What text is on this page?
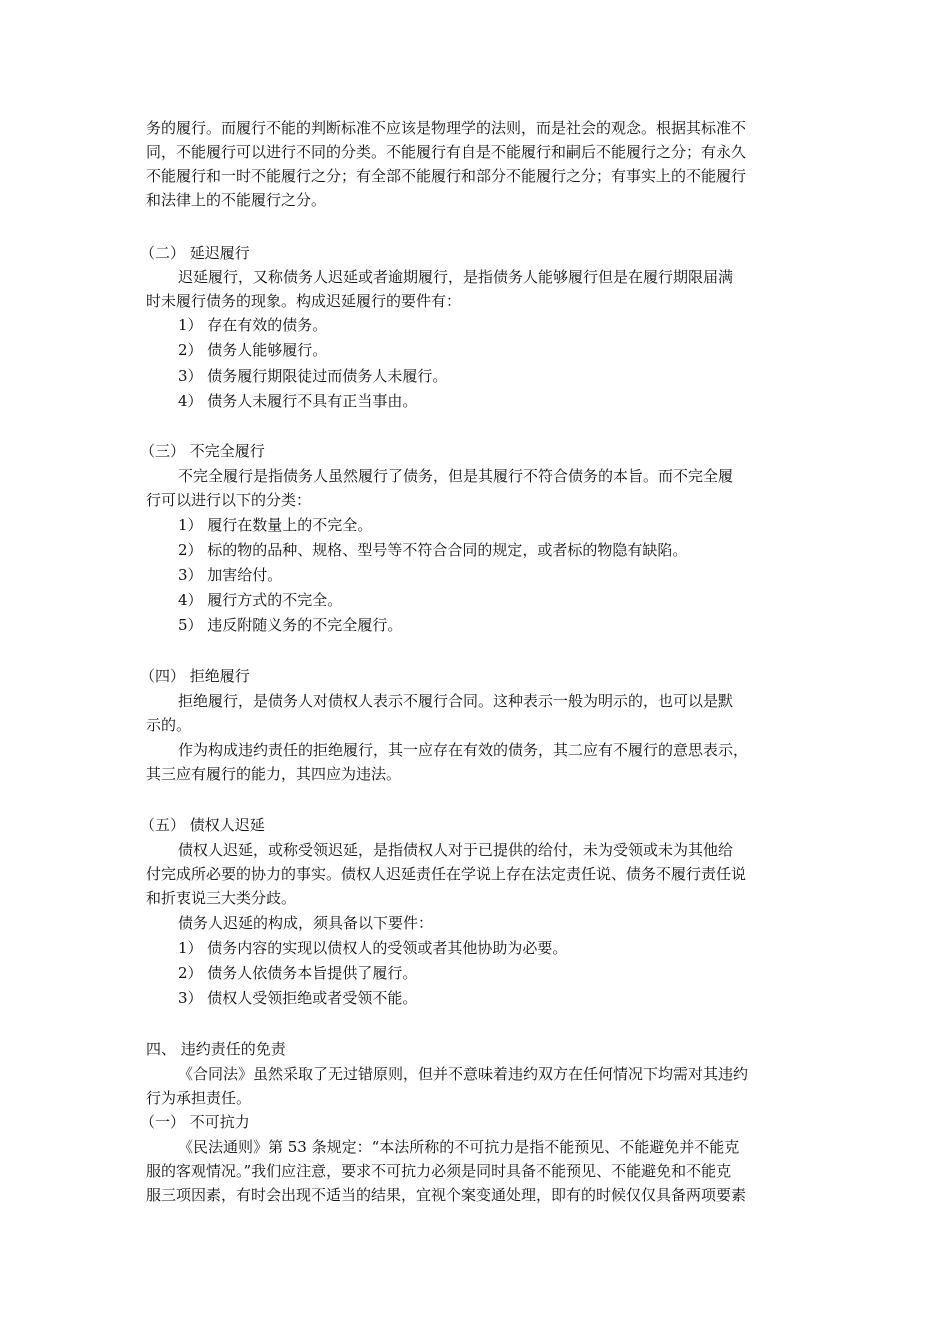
务的履行。而履行不能的判断标准不应该是物理学的法则，而是社会的观念。根据其标准不
同，不能履行可以进行不同的分类。不能履行有自是不能履行和嗣后不能履行之分；有永久
不能履行和一时不能履行之分；有全部不能履行和部分不能履行之分；有事实上的不能履行
和法律上的不能履行之分。
（二） 延迟履行
迟延履行，又称债务人迟延或者逾期履行，是指债务人能够履行但是在履行期限届满
时未履行债务的现象。构成迟延履行的要件有：
1） 存在有效的债务。
2） 债务人能够履行。
3） 债务履行期限徒过而债务人未履行。
4） 债务人未履行不具有正当事由。
（三） 不完全履行
不完全履行是指债务人虽然履行了债务，但是其履行不符合债务的本旨。而不完全履
行可以进行以下的分类：
1） 履行在数量上的不完全。
2） 标的物的品种、规格、型号等不符合合同的规定，或者标的物隐有缺陷。
3） 加害给付。
4） 履行方式的不完全。
5） 违反附随义务的不完全履行。
（四） 拒绝履行
拒绝履行，是债务人对债权人表示不履行合同。这种表示一般为明示的，也可以是默
示的。
作为构成违约责任的拒绝履行，其一应存在有效的债务，其二应有不履行的意思表示，
其三应有履行的能力，其四应为违法。
（五） 债权人迟延
债权人迟延，或称受领迟延，是指债权人对于已提供的给付，未为受领或未为其他给
付完成所必要的协力的事实。债权人迟延责任在学说上存在法定责任说、债务不履行责任说
和折衷说三大类分歧。
债务人迟延的构成，须具备以下要件：
1） 债务内容的实现以债权人的受领或者其他协助为必要。
2） 债务人依债务本旨提供了履行。
3） 债权人受领拒绝或者受领不能。
四、 违约责任的免责
《合同法》虽然采取了无过错原则，但并不意味着违约双方在任何情况下均需对其违约
行为承担责任。
（一） 不可抗力
《民法通则》第 53 条规定：“本法所称的不可抗力是指不能预见、不能避免并不能克
服的客观情况。”我们应注意，要求不可抗力必须是同时具备不能预见、不能避免和不能克
服三项因素，有时会出现不适当的结果，宜视个案变通处理，即有的时候仅仅具备两项要素
